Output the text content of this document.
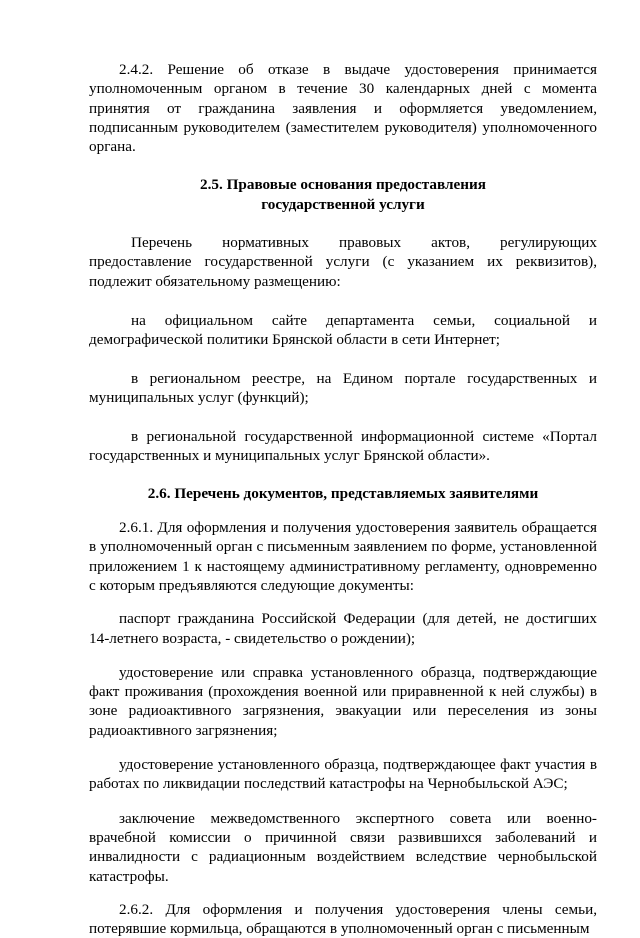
2.4.2. Решение об отказе в выдаче удостоверения принимается уполномоченным органом в течение 30 календарных дней с момента принятия от гражданина заявления и оформляется уведомлением, подписанным руководителем (заместителем руководителя) уполномоченного органа.

2.5. Правовые основания предоставления

государственной услуги

Перечень нормативных правовых актов, регулирующих предоставление государственной услуги (с указанием их реквизитов), подлежит обязательному размещению:

на официальном сайте департамента семьи, социальной и демографической политики Брянской области в сети Интернет;

в региональном реестре, на Едином портале государственных и муниципальных услуг (функций);

в региональной государственной информационной системе «Портал государственных и муниципальных услуг Брянской области».

2.6. Перечень документов, представляемых заявителями

2.6.1. Для оформления и получения удостоверения заявитель обращается в уполномоченный орган с письменным заявлением по форме, установленной приложением 1 к настоящему административному регламенту, одновременно с которым предъявляются следующие документы:

паспорт гражданина Российской Федерации (для детей, не достигших 14-летнего возраста, - свидетельство о рождении);

удостоверение или справка установленного образца, подтверждающие факт проживания (прохождения военной или приравненной к ней службы) в зоне радиоактивного загрязнения, эвакуации или переселения из зоны радиоактивного загрязнения;

удостоверение установленного образца, подтверждающее факт участия в работах по ликвидации последствий катастрофы на Чернобыльской АЭС;

заключение межведомственного экспертного совета или военно-врачебной комиссии о причинной связи развившихся заболеваний и инвалидности с радиационным воздействием вследствие чернобыльской катастрофы.

2.6.2. Для оформления и получения удостоверения члены семьи, потерявшие кормильца, обращаются в уполномоченный орган с письменным
